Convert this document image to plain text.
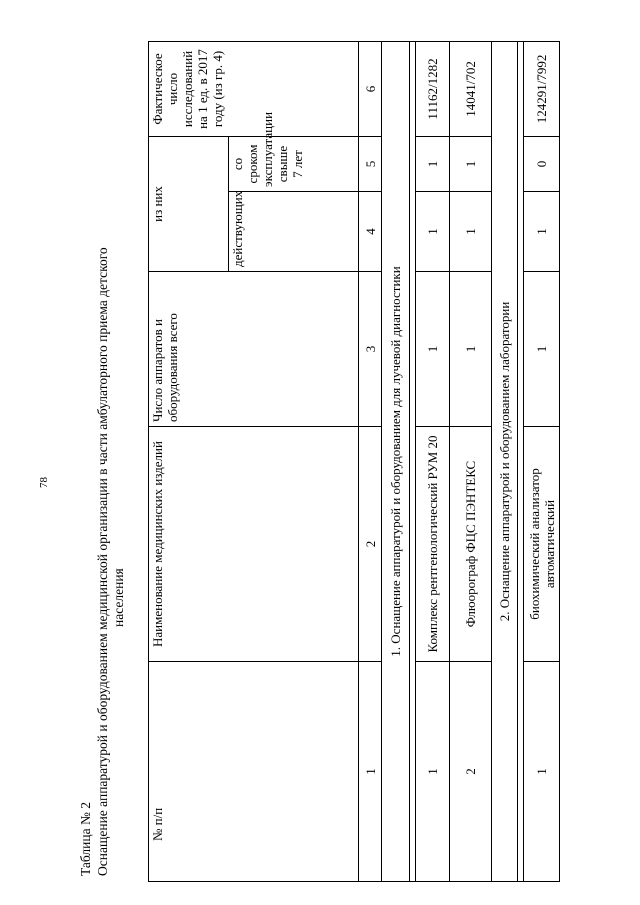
78
Таблица № 2 Оснащение аппаратурой и оборудованием медицинской организации в части амбулаторного приема детского населения
№ п/п	Наименование медицинских изделий	Число аппаратов и оборудования всего	из них		Фактическое число исследований на 1 ед. в 2017 году (из гр. 4)
			действующих	со сроком эксплуатации свыше 7 лет	
1	2	3	4	5	6
1. Оснащение аппаратурой и оборудованием для лучевой диагностики					

1	Комплекс рентгенологический РУМ 20	1	1	1	11162/1282
2	Флюорограф ФЦС ПЭНТЕКС	1	1	1	14041/702
2. Оснащение аппаратурой и оборудованием лаборатории					

1	биохимический анализатор автоматический	1	1	0	124291/7992
